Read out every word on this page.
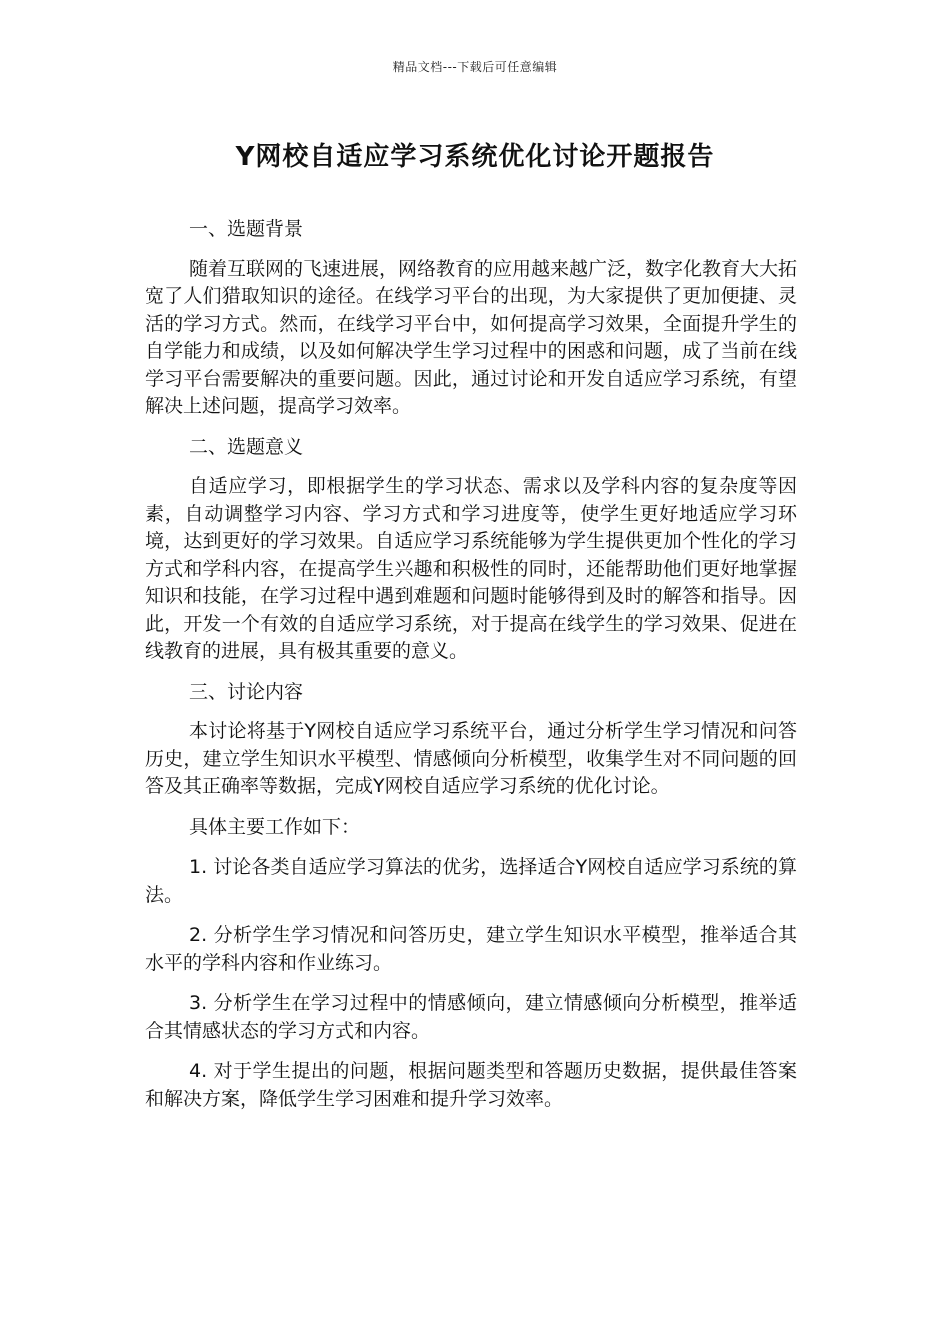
精品文档---下载后可任意编辑
Y网校自适应学习系统优化讨论开题报告

一、选题背景

随着互联网的飞速进展，网络教育的应用越来越广泛，数字化教育大大拓宽了人们猎取知识的途径。在线学习平台的出现，为大家提供了更加便捷、灵活的学习方式。然而，在线学习平台中，如何提高学习效果，全面提升学生的自学能力和成绩，以及如何解决学生学习过程中的困惑和问题，成了当前在线学习平台需要解决的重要问题。因此，通过讨论和开发自适应学习系统，有望解决上述问题，提高学习效率。

二、选题意义

自适应学习，即根据学生的学习状态、需求以及学科内容的复杂度等因素，自动调整学习内容、学习方式和学习进度等，使学生更好地适应学习环境，达到更好的学习效果。自适应学习系统能够为学生提供更加个性化的学习方式和学科内容，在提高学生兴趣和积极性的同时，还能帮助他们更好地掌握知识和技能，在学习过程中遇到难题和问题时能够得到及时的解答和指导。因此，开发一个有效的自适应学习系统，对于提高在线学生的学习效果、促进在线教育的进展，具有极其重要的意义。

三、讨论内容

本讨论将基于Y网校自适应学习系统平台，通过分析学生学习情况和问答历史，建立学生知识水平模型、情感倾向分析模型，收集学生对不同问题的回答及其正确率等数据，完成Y网校自适应学习系统的优化讨论。

具体主要工作如下：

1. 讨论各类自适应学习算法的优劣，选择适合Y网校自适应学习系统的算法。

2. 分析学生学习情况和问答历史，建立学生知识水平模型，推举适合其水平的学科内容和作业练习。

3. 分析学生在学习过程中的情感倾向，建立情感倾向分析模型，推举适合其情感状态的学习方式和内容。

4. 对于学生提出的问题，根据问题类型和答题历史数据，提供最佳答案和解决方案，降低学生学习困难和提升学习效率。
